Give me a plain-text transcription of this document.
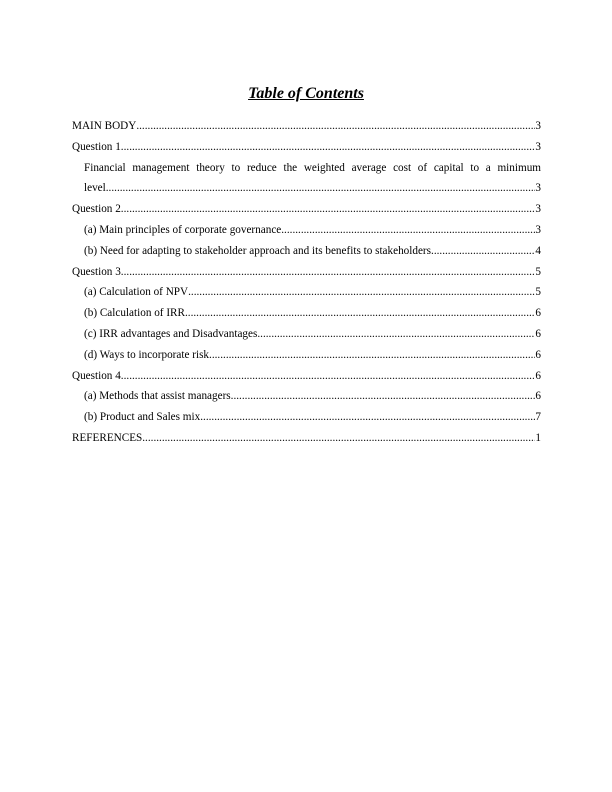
Table of Contents
MAIN BODY .....	3
Question 1 .....	3
Financial management theory to reduce the weighted average cost of capital to a minimum
level .....	3
Question 2 .....	3
(a) Main principles of corporate governance .....	3
(b) Need for adapting to stakeholder approach and its benefits to stakeholders .....	4
Question 3 .....	5
(a) Calculation of NPV .....	5
(b) Calculation of IRR .....	6
(c) IRR advantages and Disadvantages .....	6
(d) Ways to incorporate risk .....	6
Question 4 .....	6
(a) Methods that assist managers .....	6
(b) Product and Sales mix .....	7
REFERENCES .....	1
